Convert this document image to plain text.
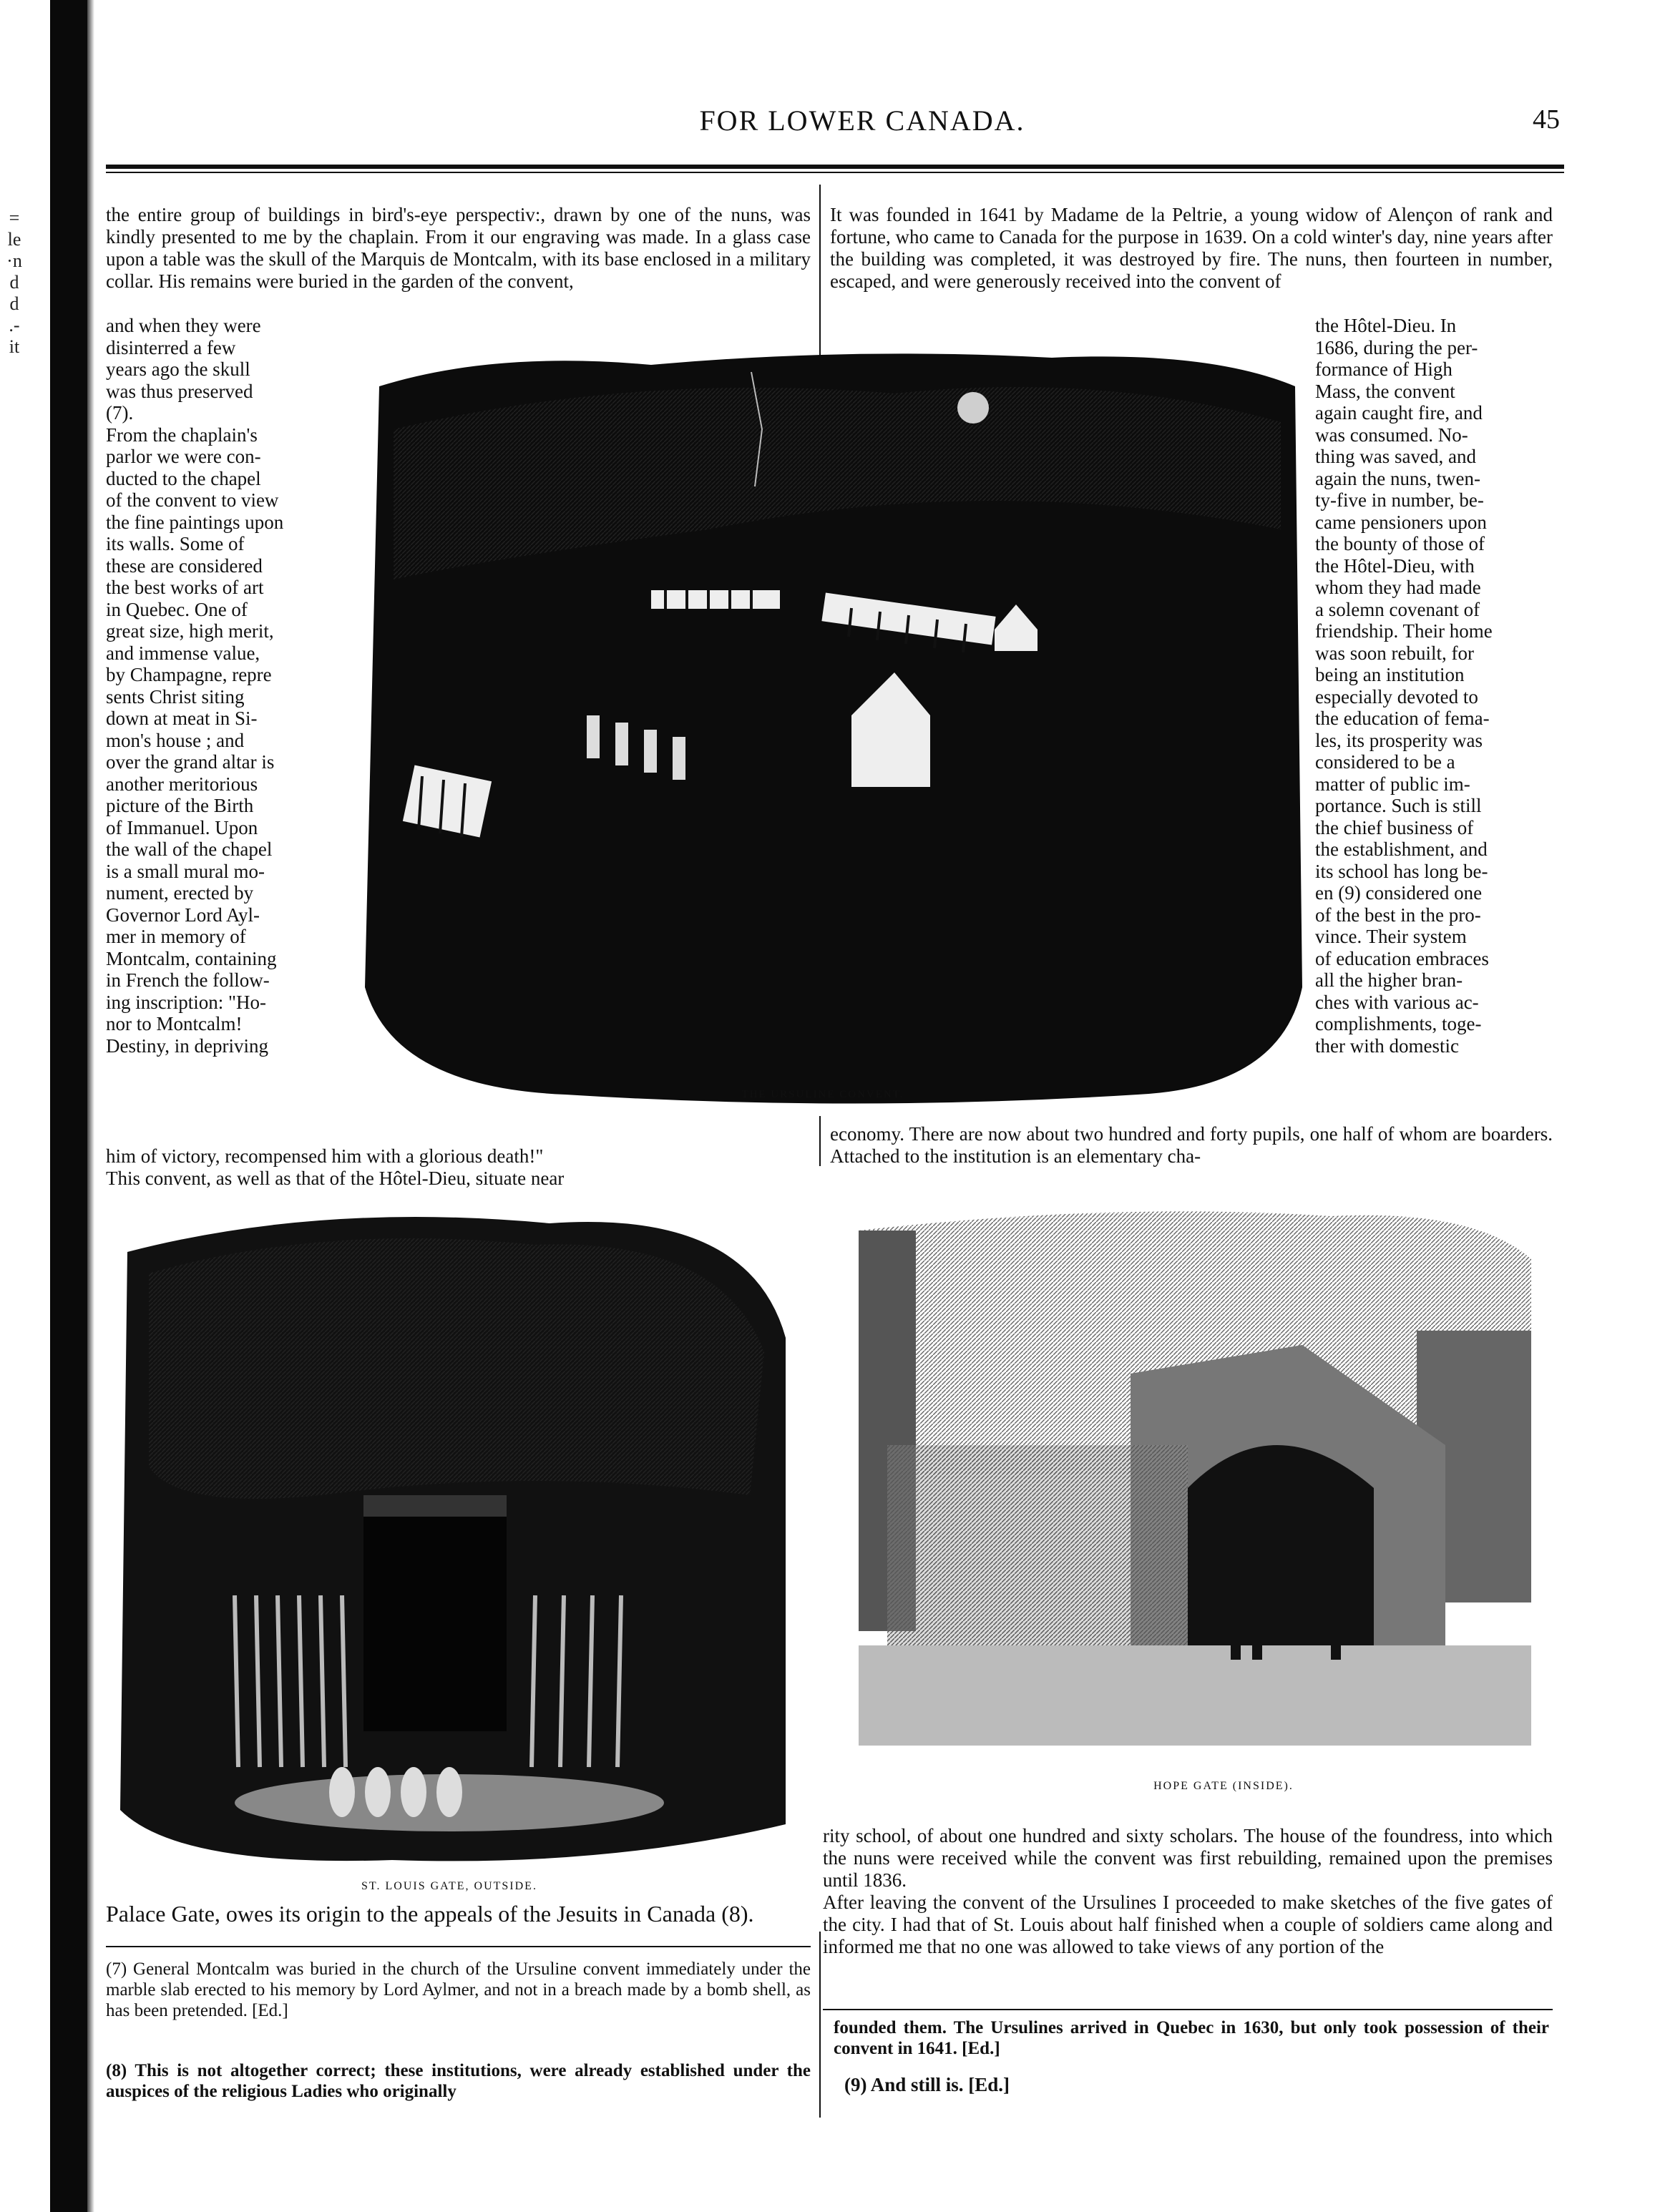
=
le
·n
d
d
.-
it
FOR LOWER CANADA.	45

the entire group of buildings in bird's-eye perspectiv:, drawn by one of the nuns, was kindly presented to me by the chaplain. From it our engraving was made. In a glass case upon a table was the skull of the Marquis de Montcalm, with its base enclosed in a military collar. His remains were buried in the garden of the convent,

It was founded in 1641 by Madame de la Peltrie, a young widow of Alençon of rank and fortune, who came to Canada for the purpose in 1639. On a cold winter's day, nine years after the building was completed, it was destroyed by fire. The nuns, then fourteen in number, escaped, and were generously received into the convent of

and when they were
disinterred a few
years ago the skull
was thus preserved
(7).
From the chaplain's
parlor we were con-
ducted to the chapel
of the convent to view
the fine paintings upon
its walls. Some of
these are considered
the best works of art
in Quebec. One of
great size, high merit,
and immense value,
by Champagne, repre
sents Christ siting
down at meat in Si-
mon's house ; and
over the grand altar is
another meritorious
picture of the Birth
of Immanuel. Upon
the wall of the chapel
is a small mural mo-
nument, erected by
Governor Lord Ayl-
mer in memory of
Montcalm, containing
in French the follow-
ing inscription: "Ho-
nor to Montcalm!
Destiny, in depriving
the Hôtel-Dieu. In
1686, during the per-
formance of High
Mass, the convent
again caught fire, and
was consumed. No-
thing was saved, and
again the nuns, twen-
ty-five in number, be-
came pensioners upon
the bounty of those of
the Hôtel-Dieu, with
whom they had made
a solemn covenant of
friendship. Their home
was soon rebuilt, for
being an institution
especially devoted to
the education of fema-
les, its prosperity was
considered to be a
matter of public im-
portance. Such is still
the chief business of
the establishment, and
its school has long be-
en (9) considered one
of the best in the pro-
vince. Their system
of education embraces
all the higher bran-
ches with various ac-
complishments, toge-
ther with domestic
THE URSULINE CONVENT.

him of victory, recompensed him with a glorious death!"
This convent, as well as that of the Hôtel-Dieu, situate near

economy. There are now about two hundred and forty pupils, one half of whom are boarders. Attached to the institution is an elementary cha-

ST. LOUIS GATE, OUTSIDE.
HOPE GATE (INSIDE).

rity school, of about one hundred and sixty scholars. The house of the foundress, into which the nuns were received while the convent was first rebuilding, remained upon the premises until 1836.
After leaving the convent of the Ursulines I proceeded to make sketches of the five gates of the city. I had that of St. Louis about half finished when a couple of soldiers came along and informed me that no one was allowed to take views of any portion of the

Palace Gate, owes its origin to the appeals of the Jesuits in Canada (8).

(7) General Montcalm was buried in the church of the Ursuline convent immediately under the marble slab erected to his memory by Lord Aylmer, and not in a breach made by a bomb shell, as has been pretended. [Ed.]

(8) This is not altogether correct; these institutions, were already established under the auspices of the religious Ladies who originally

founded them. The Ursulines arrived in Quebec in 1630, but only took possession of their convent in 1641. [Ed.]

(9) And still is. [Ed.]
